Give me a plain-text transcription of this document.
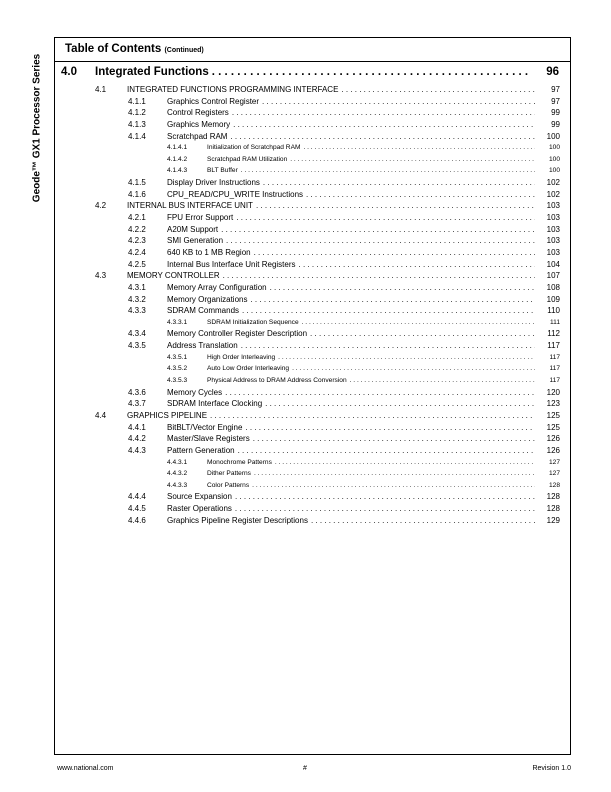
Geode™ GX1 Processor Series
Table of Contents (Continued)
4.0 Integrated Functions . . .	96
4.1	INTEGRATED FUNCTIONS PROGRAMMING INTERFACE . . .	97
4.1.1	Graphics Control Register . . .	97
4.1.2	Control Registers . . .	99
4.1.3	Graphics Memory . . .	99
4.1.4	Scratchpad RAM . . .	100
4.1.4.1	Initialization of Scratchpad RAM . . .	100
4.1.4.2	Scratchpad RAM Utilization . . .	100
4.1.4.3	BLT Buffer . . .	100
4.1.5	Display Driver Instructions . . .	102
4.1.6	CPU_READ/CPU_WRITE Instructions . . .	102
4.2	INTERNAL BUS INTERFACE UNIT . . .	103
4.2.1	FPU Error Support . . .	103
4.2.2	A20M Support . . .	103
4.2.3	SMI Generation . . .	103
4.2.4	640 KB to 1 MB Region . . .	103
4.2.5	Internal Bus Interface Unit Registers . . .	104
4.3	MEMORY CONTROLLER . . .	107
4.3.1	Memory Array Configuration . . .	108
4.3.2	Memory Organizations . . .	109
4.3.3	SDRAM Commands . . .	110
4.3.3.1	SDRAM Initialization Sequence . . .	111
4.3.4	Memory Controller Register Description . . .	112
4.3.5	Address Translation . . .	117
4.3.5.1	High Order Interleaving . . .	117
4.3.5.2	Auto Low Order Interleaving . . .	117
4.3.5.3	Physical Address to DRAM Address Conversion . . .	117
4.3.6	Memory Cycles . . .	120
4.3.7	SDRAM Interface Clocking . . .	123
4.4	GRAPHICS PIPELINE . . .	125
4.4.1	BitBLT/Vector Engine . . .	125
4.4.2	Master/Slave Registers . . .	126
4.4.3	Pattern Generation . . .	126
4.4.3.1	Monochrome Patterns . . .	127
4.4.3.2	Dither Patterns . . .	127
4.4.3.3	Color Patterns . . .	128
4.4.4	Source Expansion . . .	128
4.4.5	Raster Operations . . .	128
4.4.6	Graphics Pipeline Register Descriptions . . .	129
www.national.com	#	Revision 1.0
